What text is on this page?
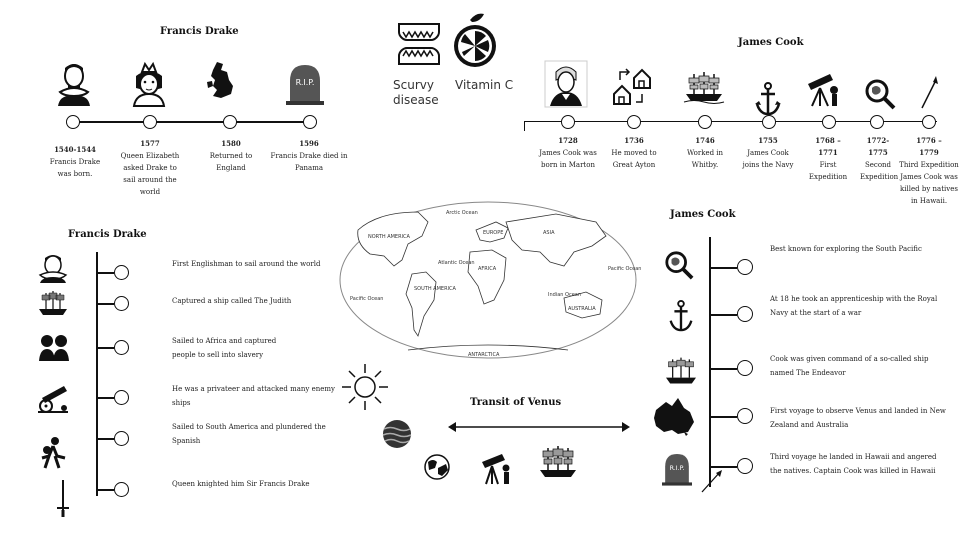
Scurvy disease
Vitamin C
Francis Drake
R.I.P.
1540-1544
Francis Drake was born.
1577
Queen Elizabeth asked Drake to sail around the world
1580
Returned to England
1596
Francis Drake died in Panama
James Cook
1728
James Cook was born in Marton
1736
He moved to Great Ayton
1746
Worked in Whitby.
1755
James Cook joins the Navy
1768 –
1771
First Expedition
1772-
1775
Second Expedition
1776 –
1779
Third Expedition James Cook was killed by natives in Hawaii.
Arctic Ocean
NORTH AMERICA
EUROPE	ASIA
AFRICA
Pacific Ocean
Atlantic Ocean
SOUTH AMERICA
Indian Ocean
AUSTRALIA
Pacific Ocean
ANTARCTICA
Transit of Venus
Francis Drake
First Englishman to sail around the world
Captured a ship called The Judith
Sailed to Africa and captured people to sell into slavery
He was a privateer and attacked many enemy ships
Sailed to South America and plundered the Spanish
Queen knighted him Sir Francis Drake
James Cook
R.I.P.
Best known for exploring the South Pacific
At 18 he took an apprenticeship with the Royal Navy at the start of a war
Cook was given command of a so-called ship named The Endeavor
First voyage to observe Venus and landed in New Zealand and Australia
Third voyage he landed in Hawaii and angered the natives. Captain Cook was killed in Hawaii
